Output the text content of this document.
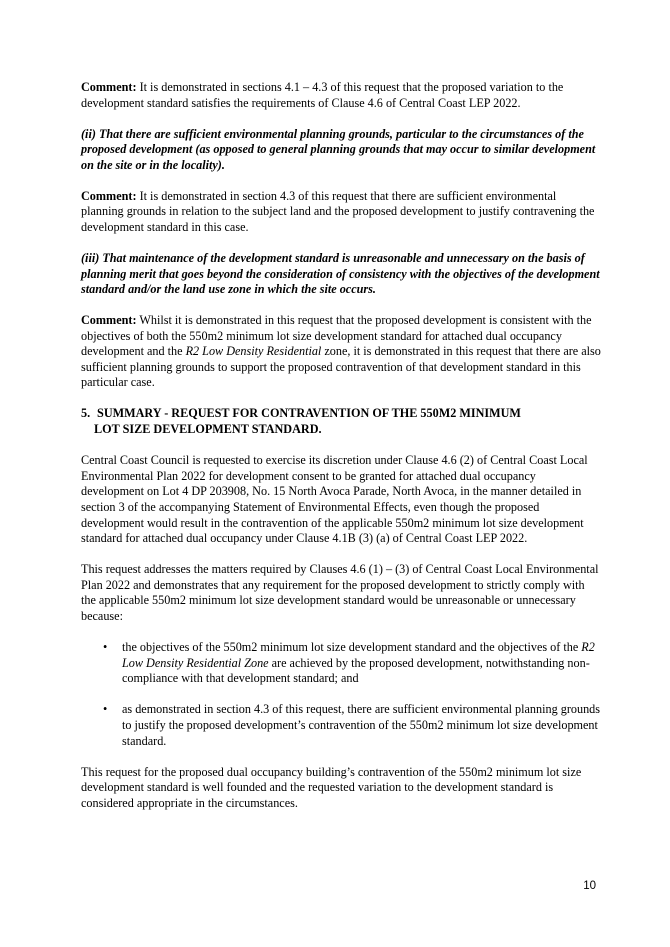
Comment: It is demonstrated in sections 4.1 – 4.3 of this request that the proposed variation to the development standard satisfies the requirements of Clause 4.6 of Central Coast LEP 2022.

(ii) That there are sufficient environmental planning grounds, particular to the circumstances of the proposed development (as opposed to general planning grounds that may occur to similar development on the site or in the locality).

Comment: It is demonstrated in section 4.3 of this request that there are sufficient environmental planning grounds in relation to the subject land and the proposed development to justify contravening the development standard in this case.

(iii) That maintenance of the development standard is unreasonable and unnecessary on the basis of planning merit that goes beyond the consideration of consistency with the objectives of the development standard and/or the land use zone in which the site occurs.

Comment: Whilst it is demonstrated in this request that the proposed development is consistent with the objectives of both the 550m2 minimum lot size development standard for attached dual occupancy development and the R2 Low Density Residential zone, it is demonstrated in this request that there are also sufficient planning grounds to support the proposed contravention of that development standard in this particular case.

5. SUMMARY - REQUEST FOR CONTRAVENTION OF THE 550M2 MINIMUM
LOT SIZE DEVELOPMENT STANDARD.

Central Coast Council is requested to exercise its discretion under Clause 4.6 (2) of Central Coast Local Environmental Plan 2022 for development consent to be granted for attached dual occupancy development on Lot 4 DP 203908, No. 15 North Avoca Parade, North Avoca, in the manner detailed in section 3 of the accompanying Statement of Environmental Effects, even though the proposed development would result in the contravention of the applicable 550m2 minimum lot size development standard for attached dual occupancy under Clause 4.1B (3) (a) of Central Coast LEP 2022.

This request addresses the matters required by Clauses 4.6 (1) – (3) of Central Coast Local Environmental Plan 2022 and demonstrates that any requirement for the proposed development to strictly comply with the applicable 550m2 minimum lot size development standard would be unreasonable or unnecessary because:

• the objectives of the 550m2 minimum lot size development standard and the objectives of the R2 Low Density Residential Zone are achieved by the proposed development, notwithstanding non-compliance with that development standard; and
• as demonstrated in section 4.3 of this request, there are sufficient environmental planning grounds to justify the proposed development’s contravention of the 550m2 minimum lot size development standard.

This request for the proposed dual occupancy building’s contravention of the 550m2 minimum lot size development standard is well founded and the requested variation to the development standard is considered appropriate in the circumstances.

10
